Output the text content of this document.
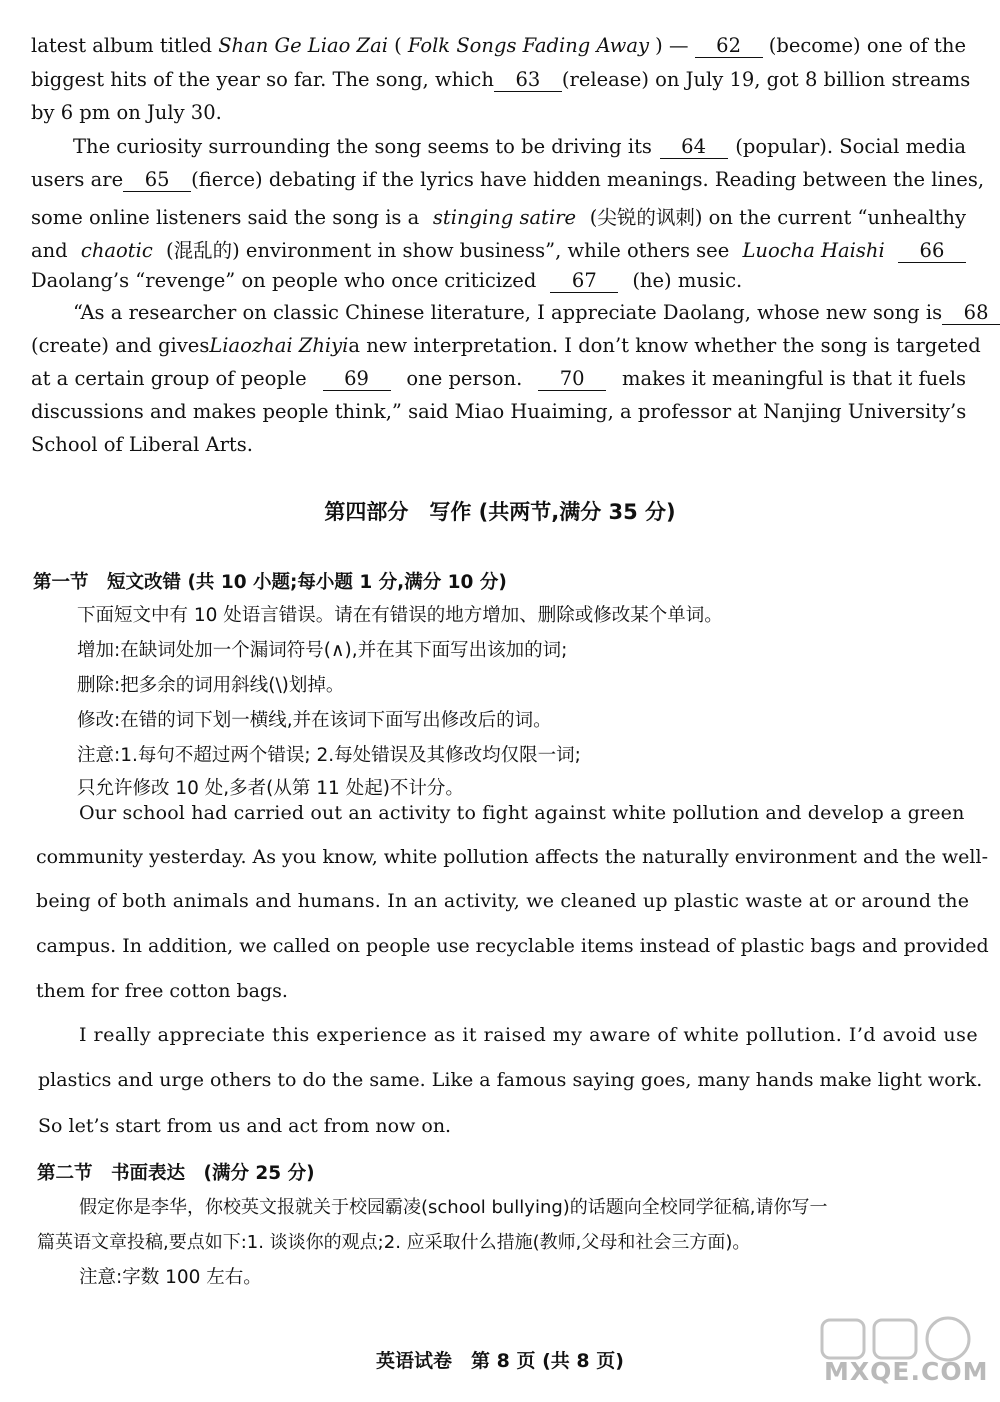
latest album titled Shan Ge Liao Zai ( Folk Songs Fading Away ) —	62	(become) one of the
biggest hits of the year so far. The song, which	63	(release) on July 19, got 8 billion streams
by 6 pm on July 30.
The curiosity surrounding the song seems to be driving its	64	(popular). Social media
users are	65	(fierce) debating if the lyrics have hidden meanings. Reading between the lines,
some online listeners said the song is a stinging satire (尖锐的讽刺) on the current “unhealthy
and chaotic (混乱的) environment in show business”, while others see Luocha Haishi	66
Daolang’s “revenge” on people who once criticized	67	(he) music.
“As a researcher on classic Chinese literature, I appreciate Daolang, whose new song is	68
(create) and gives Liaozhai Zhiyi a new interpretation. I don’t know whether the song is targeted
at a certain group of people	69	one person.	70	makes it meaningful is that it fuels
discussions and makes people think,” said Miao Huaiming, a professor at Nanjing University’s
School of Liberal Arts.
第四部分　写作 (共两节,满分 35 分)
第一节　短文改错 (共 10 小题;每小题 1 分,满分 10 分)
下面短文中有 10 处语言错误。请在有错误的地方增加、删除或修改某个单词。
增加:在缺词处加一个漏词符号(∧),并在其下面写出该加的词;
删除:把多余的词用斜线(\)划掉。
修改:在错的词下划一横线,并在该词下面写出修改后的词。
注意:1.每句不超过两个错误; 2.每处错误及其修改均仅限一词;
只允许修改 10 处,多者(从第 11 处起)不计分。
Our school had carried out an activity to fight against white pollution and develop a green
community yesterday. As you know, white pollution affects the naturally environment and the well-
being of both animals and humans. In an activity, we cleaned up plastic waste at or around the
campus. In addition, we called on people use recyclable items instead of plastic bags and provided
them for free cotton bags.
I really appreciate this experience as it raised my aware of white pollution. I’d avoid use
plastics and urge others to do the same. Like a famous saying goes, many hands make light work.
So let’s start from us and act from now on.
第二节　书面表达　(满分 25 分)
假定你是李华，你校英文报就关于校园霸凌(school bullying)的话题向全校同学征稿,请你写一
篇英语文章投稿,要点如下:1. 谈谈你的观点;2. 应采取什么措施(教师,父母和社会三方面)。
注意:字数 100 左右。
英语试卷　第 8 页 (共 8 页)	MXQE.COM
